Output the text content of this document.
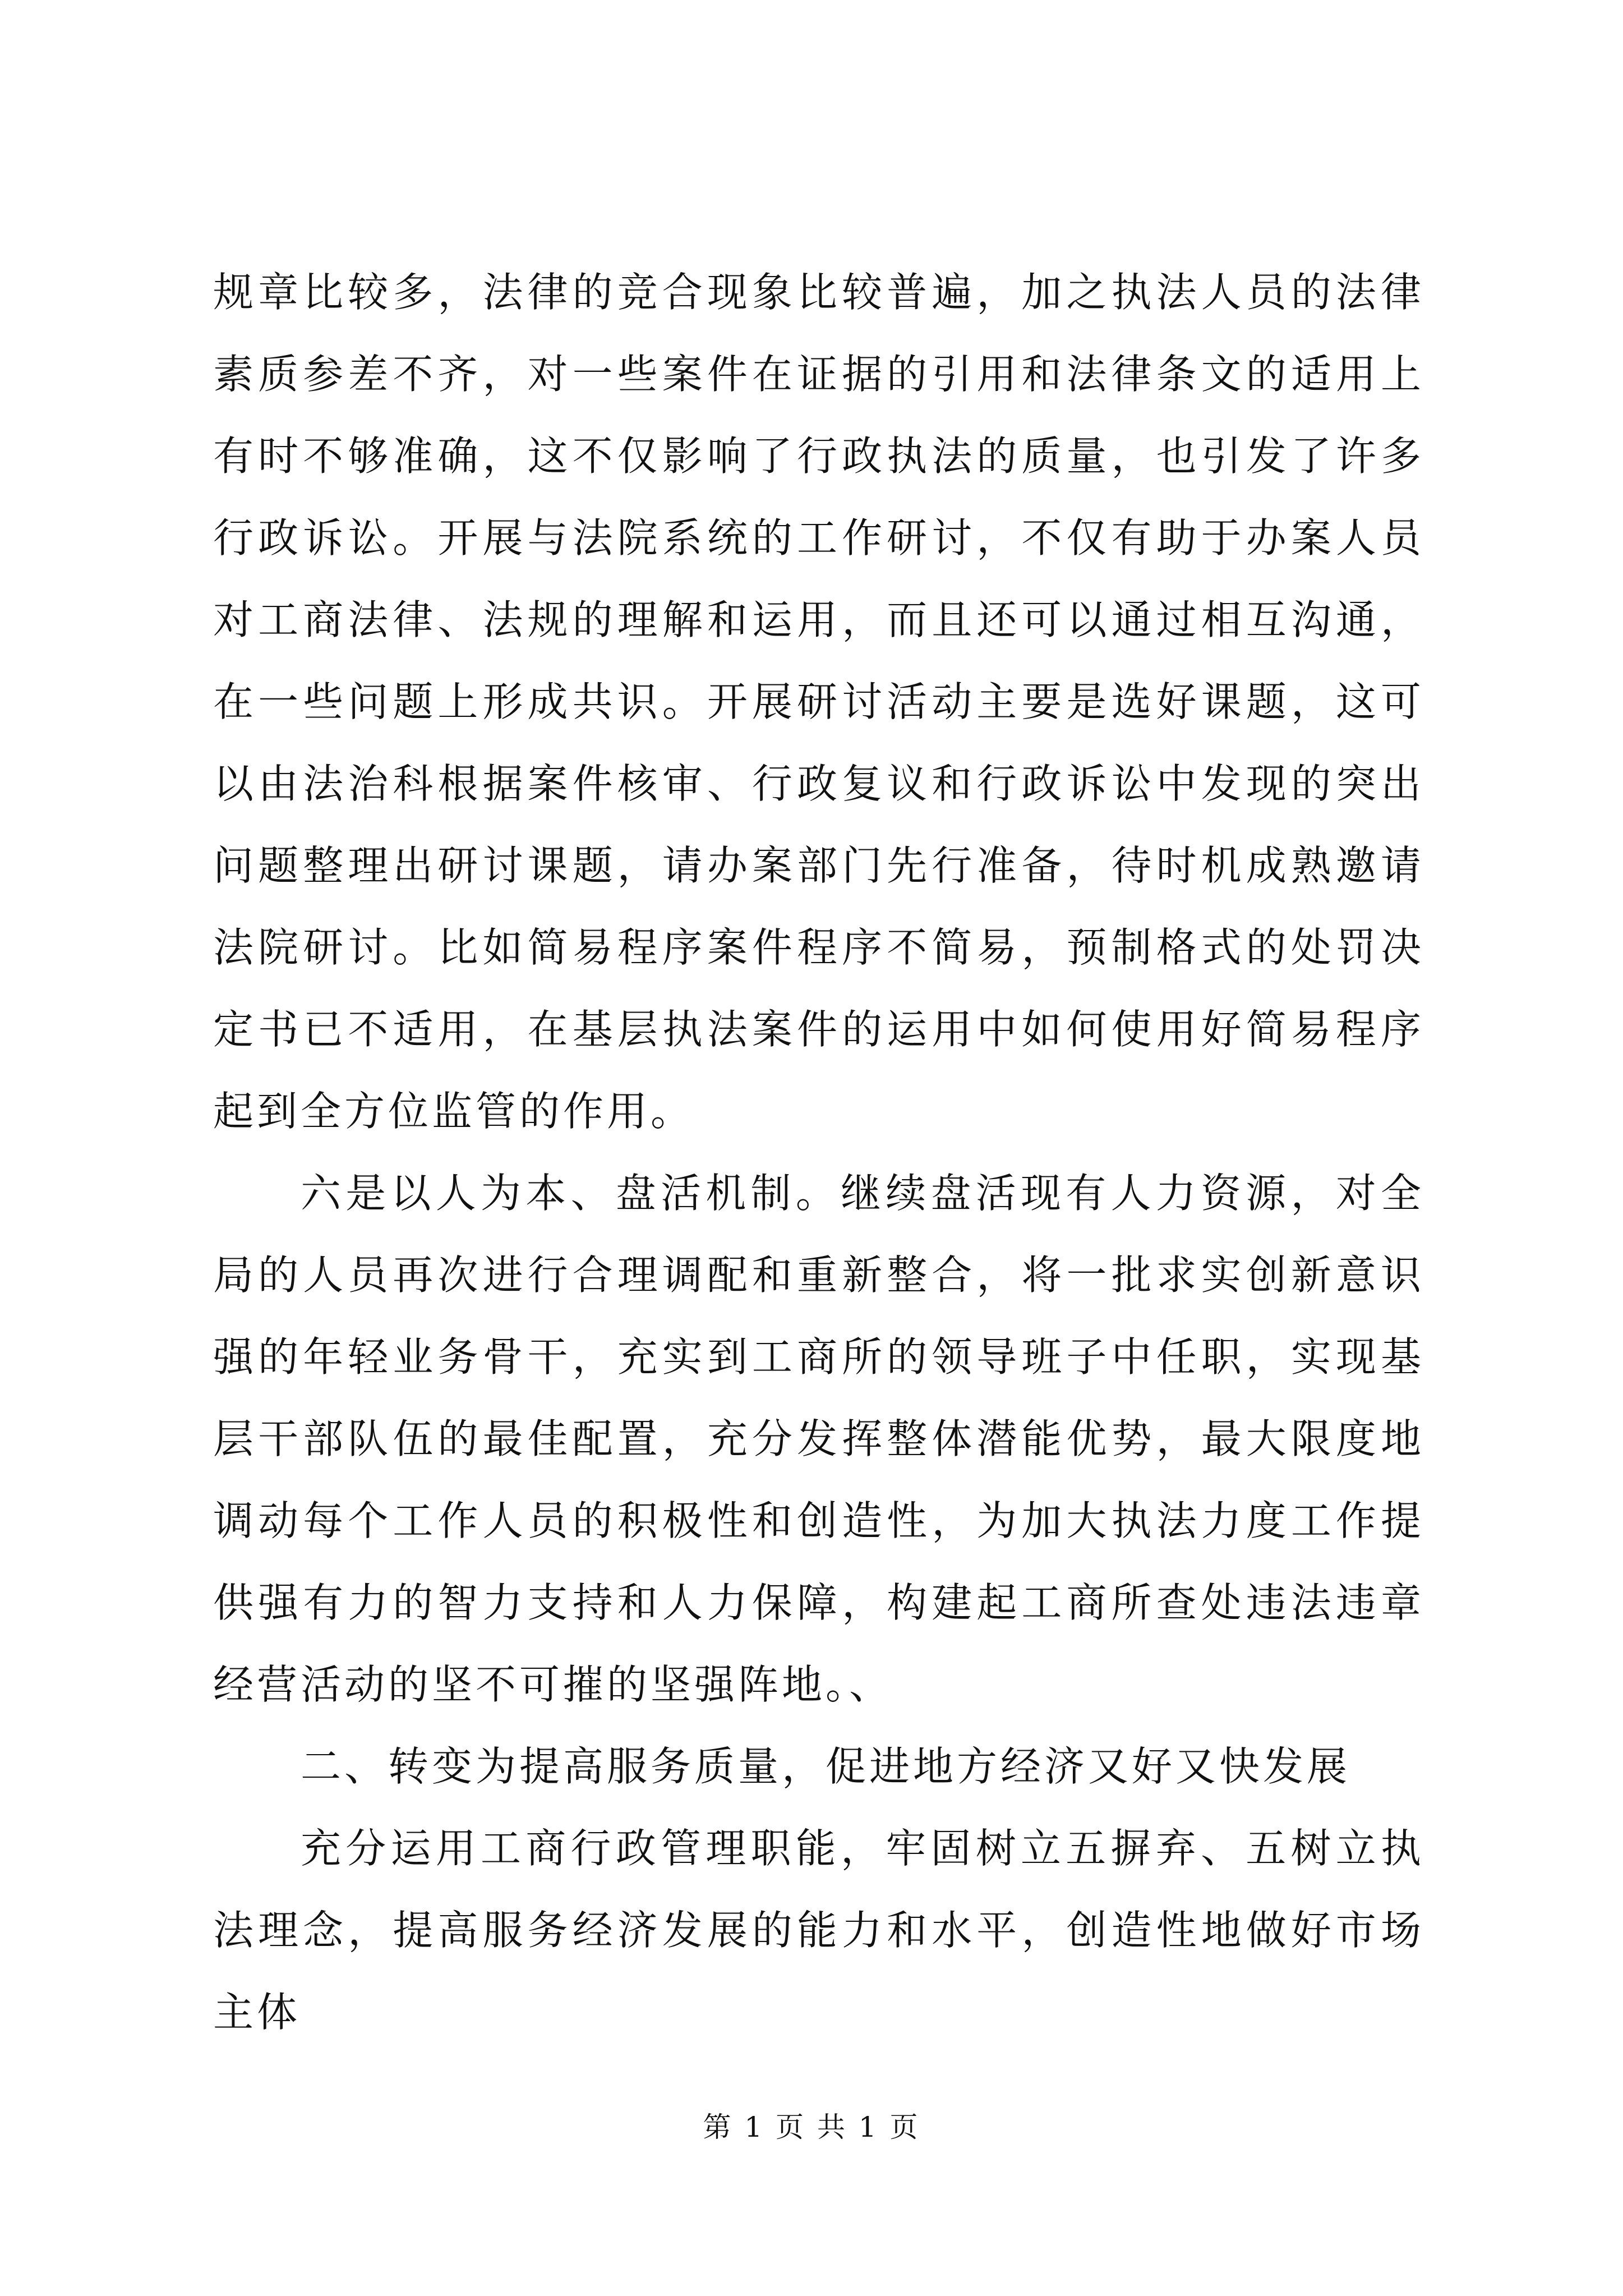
规章比较多，法律的竞合现象比较普遍，加之执法人员的法律素质参差不齐，对一些案件在证据的引用和法律条文的适用上有时不够准确，这不仅影响了行政执法的质量，也引发了许多行政诉讼。开展与法院系统的工作研讨，不仅有助于办案人员对工商法律、法规的理解和运用，而且还可以通过相互沟通，在一些问题上形成共识。开展研讨活动主要是选好课题，这可以由法治科根据案件核审、行政复议和行政诉讼中发现的突出问题整理出研讨课题，请办案部门先行准备，待时机成熟邀请法院研讨。比如简易程序案件程序不简易，预制格式的处罚决定书已不适用，在基层执法案件的运用中如何使用好简易程序起到全方位监管的作用。

六是以人为本、盘活机制。继续盘活现有人力资源，对全局的人员再次进行合理调配和重新整合，将一批求实创新意识强的年轻业务骨干，充实到工商所的领导班子中任职，实现基层干部队伍的最佳配置，充分发挥整体潜能优势，最大限度地调动每个工作人员的积极性和创造性，为加大执法力度工作提供强有力的智力支持和人力保障，构建起工商所查处违法违章经营活动的坚不可摧的坚强阵地。、

二、转变为提高服务质量，促进地方经济又好又快发展

充分运用工商行政管理职能，牢固树立五摒弃、五树立执法理念，提高服务经济发展的能力和水平，创造性地做好市场主体

第 1 页 共 1 页
